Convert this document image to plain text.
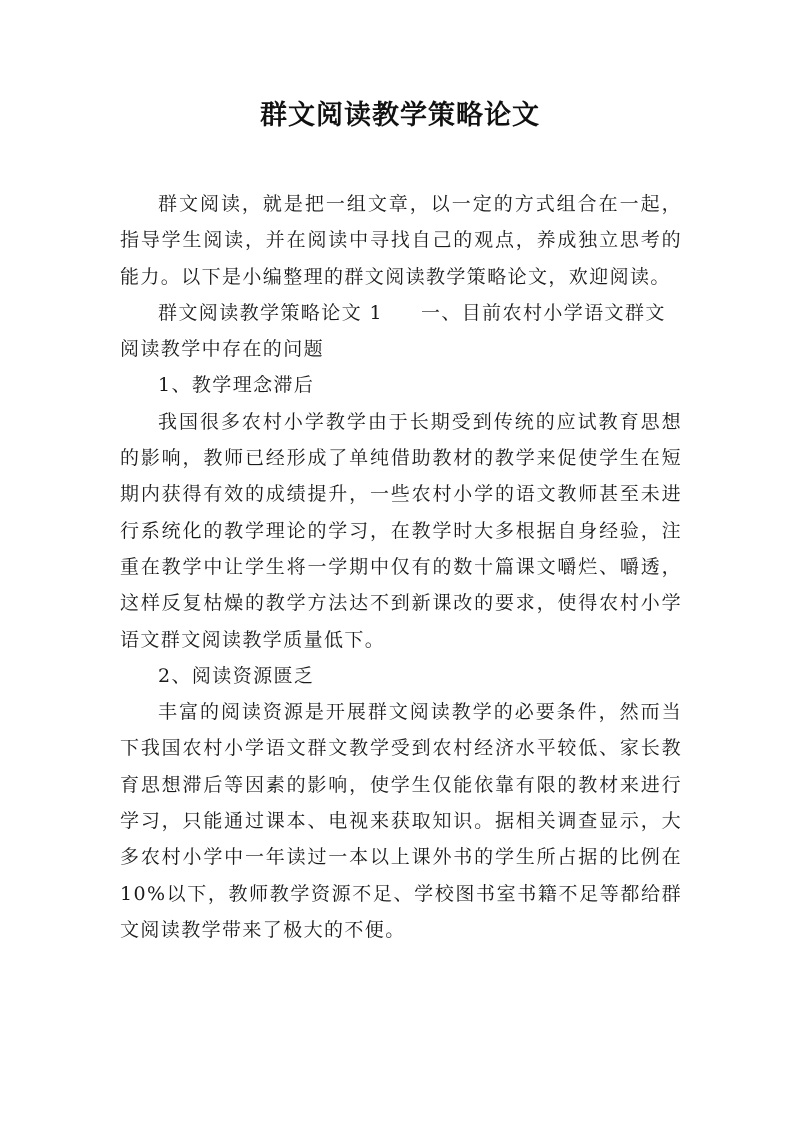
群文阅读教学策略论文

群文阅读，就是把一组文章，以一定的方式组合在一起，指导学生阅读，并在阅读中寻找自己的观点，养成独立思考的能力。以下是小编整理的群文阅读教学策略论文，欢迎阅读。

群文阅读教学策略论文 1 一、目前农村小学语文群文阅读教学中存在的问题

1、教学理念滞后

我国很多农村小学教学由于长期受到传统的应试教育思想的影响，教师已经形成了单纯借助教材的教学来促使学生在短期内获得有效的成绩提升，一些农村小学的语文教师甚至未进行系统化的教学理论的学习，在教学时大多根据自身经验，注重在教学中让学生将一学期中仅有的数十篇课文嚼烂、嚼透，这样反复枯燥的教学方法达不到新课改的要求，使得农村小学语文群文阅读教学质量低下。

2、阅读资源匮乏

丰富的阅读资源是开展群文阅读教学的必要条件，然而当下我国农村小学语文群文教学受到农村经济水平较低、家长教育思想滞后等因素的影响，使学生仅能依靠有限的教材来进行学习，只能通过课本、电视来获取知识。据相关调查显示，大多农村小学中一年读过一本以上课外书的学生所占据的比例在 10%以下，教师教学资源不足、学校图书室书籍不足等都给群文阅读教学带来了极大的不便。
